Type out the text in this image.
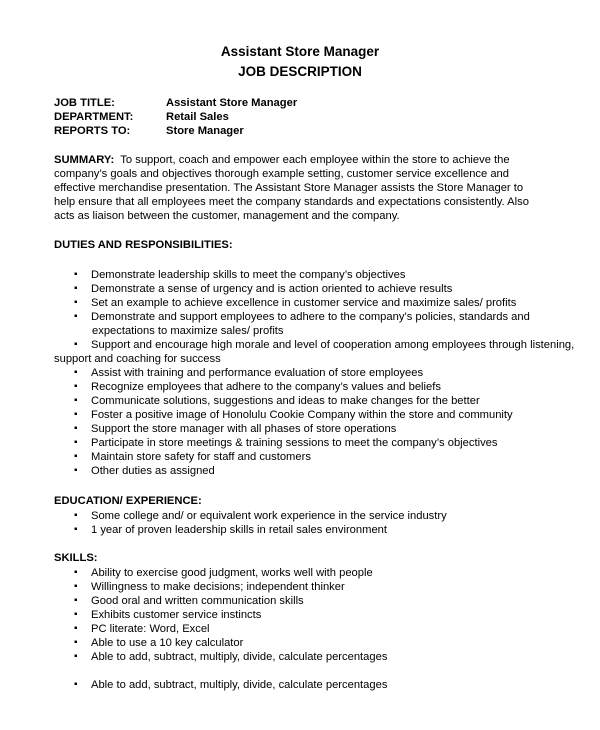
Assistant Store Manager
JOB DESCRIPTION
JOB TITLE:	Assistant Store Manager
DEPARTMENT:	Retail Sales
REPORTS TO:	Store Manager
SUMMARY: To support, coach and empower each employee within the store to achieve the
company’s goals and objectives thorough example setting, customer service excellence and
effective merchandise presentation. The Assistant Store Manager assists the Store Manager to
help ensure that all employees meet the company standards and expectations consistently. Also
acts as liaison between the customer, management and the company.
DUTIES AND RESPONSIBILITIES:
▪ Demonstrate leadership skills to meet the company’s objectives
▪ Demonstrate a sense of urgency and is action oriented to achieve results
▪ Set an example to achieve excellence in customer service and maximize sales/ profits
▪ Demonstrate and support employees to adhere to the company’s policies, standards and
expectations to maximize sales/ profits
▪ Support and encourage high morale and level of cooperation among employees through listening,
support and coaching for success
▪ Assist with training and performance evaluation of store employees
▪ Recognize employees that adhere to the company’s values and beliefs
▪ Communicate solutions, suggestions and ideas to make changes for the better
▪ Foster a positive image of Honolulu Cookie Company within the store and community
▪ Support the store manager with all phases of store operations
▪ Participate in store meetings & training sessions to meet the company’s objectives
▪ Maintain store safety for staff and customers
▪ Other duties as assigned
EDUCATION/ EXPERIENCE:
▪ Some college and/ or equivalent work experience in the service industry
▪ 1 year of proven leadership skills in retail sales environment
SKILLS:
▪ Ability to exercise good judgment, works well with people
▪ Willingness to make decisions; independent thinker
▪ Good oral and written communication skills
▪ Exhibits customer service instincts
▪ PC literate: Word, Excel
▪ Able to use a 10 key calculator
▪ Able to add, subtract, multiply, divide, calculate percentages
▪ Able to add, subtract, multiply, divide, calculate percentages
